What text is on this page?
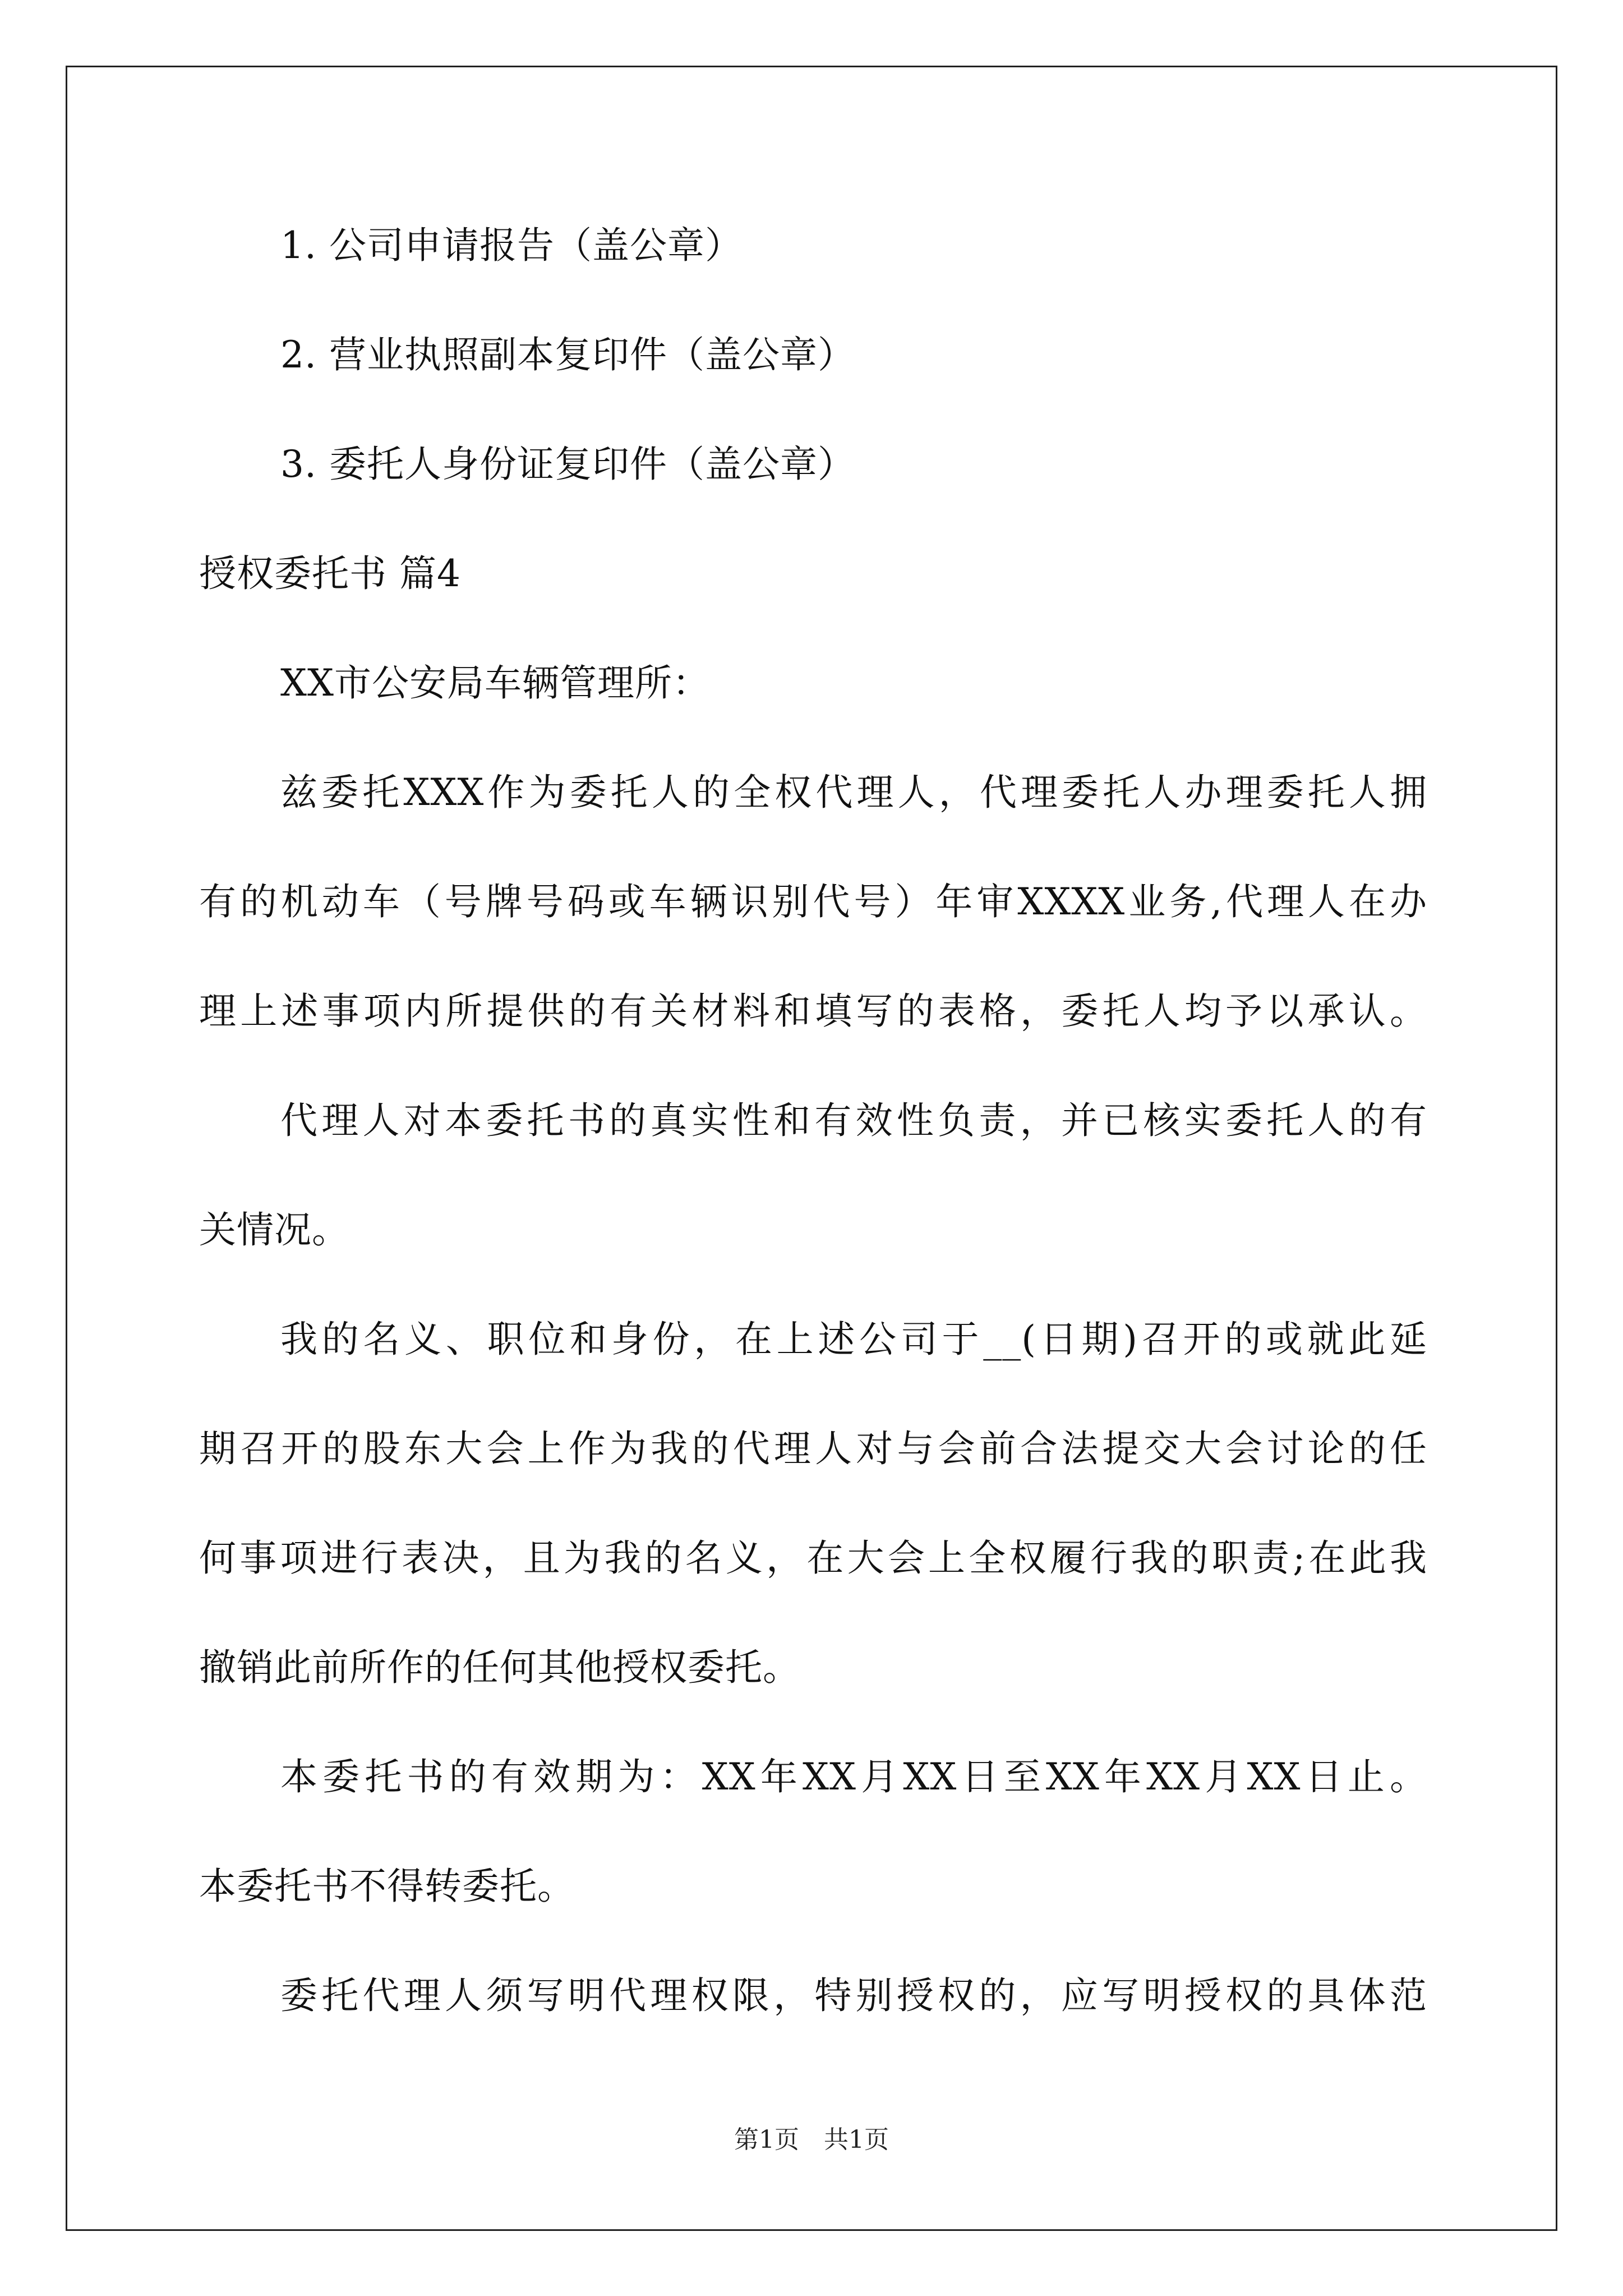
1. 公司申请报告（盖公章）
2. 营业执照副本复印件（盖公章）
3. 委托人身份证复印件（盖公章）
授权委托书 篇4
XX市公安局车辆管理所：
兹委托XXX作为委托人的全权代理人，代理委托人办理委托人拥
有的机动车（号牌号码或车辆识别代号）年审XXXX业务,代理人在办
理上述事项内所提供的有关材料和填写的表格，委托人均予以承认。
代理人对本委托书的真实性和有效性负责，并已核实委托人的有
关情况。
我的名义、职位和身份，在上述公司于__(日期)召开的或就此延
期召开的股东大会上作为我的代理人对与会前合法提交大会讨论的任
何事项进行表决，且为我的名义，在大会上全权履行我的职责;在此我
撤销此前所作的任何其他授权委托。
本委托书的有效期为：XX年XX月XX日至XX年XX月XX日止。
本委托书不得转委托。
委托代理人须写明代理权限，特别授权的，应写明授权的具体范
第1页　共1页
